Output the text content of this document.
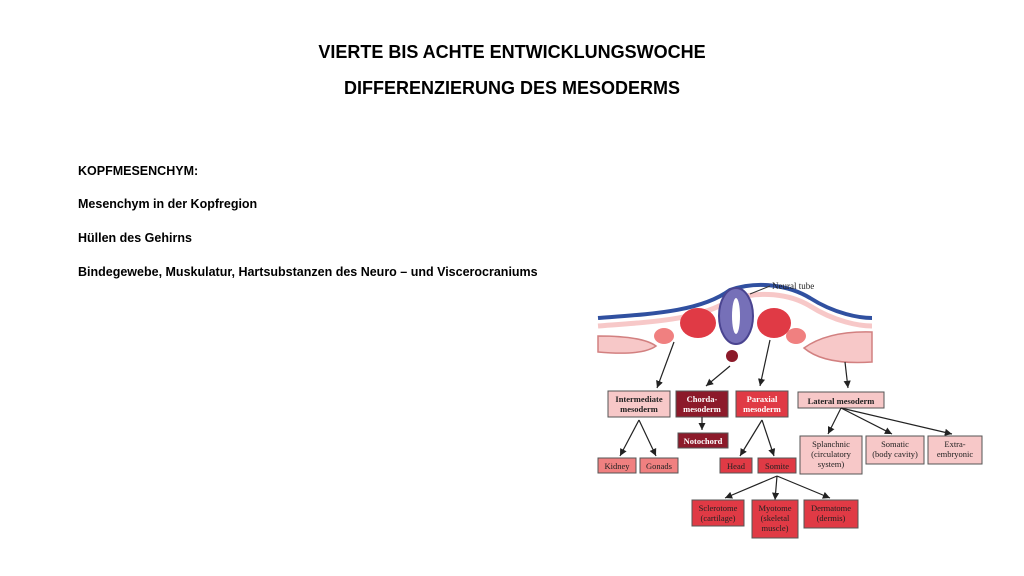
VIERTE BIS ACHTE ENTWICKLUNGSWOCHE
DIFFERENZIERUNG DES MESODERMS
KOPFMESENCHYM:
Mesenchym in der Kopfregion
Hüllen des Gehirns
Bindegewebe, Muskulatur, Hartsubstanzen des Neuro – und Viscerocraniums
Neural tube
Intermediate
mesoderm
Chorda-
mesoderm
Paraxial
mesoderm
Lateral mesoderm
Notochord	Splanchnic
(circulatory
system)
Somatic
(body cavity)
Extra-
embryonic
Kidney Gonads	Head Somite
Sclerotome
(cartilage)
Myotome
(skeletal
muscle)
Dermatome
(dermis)
